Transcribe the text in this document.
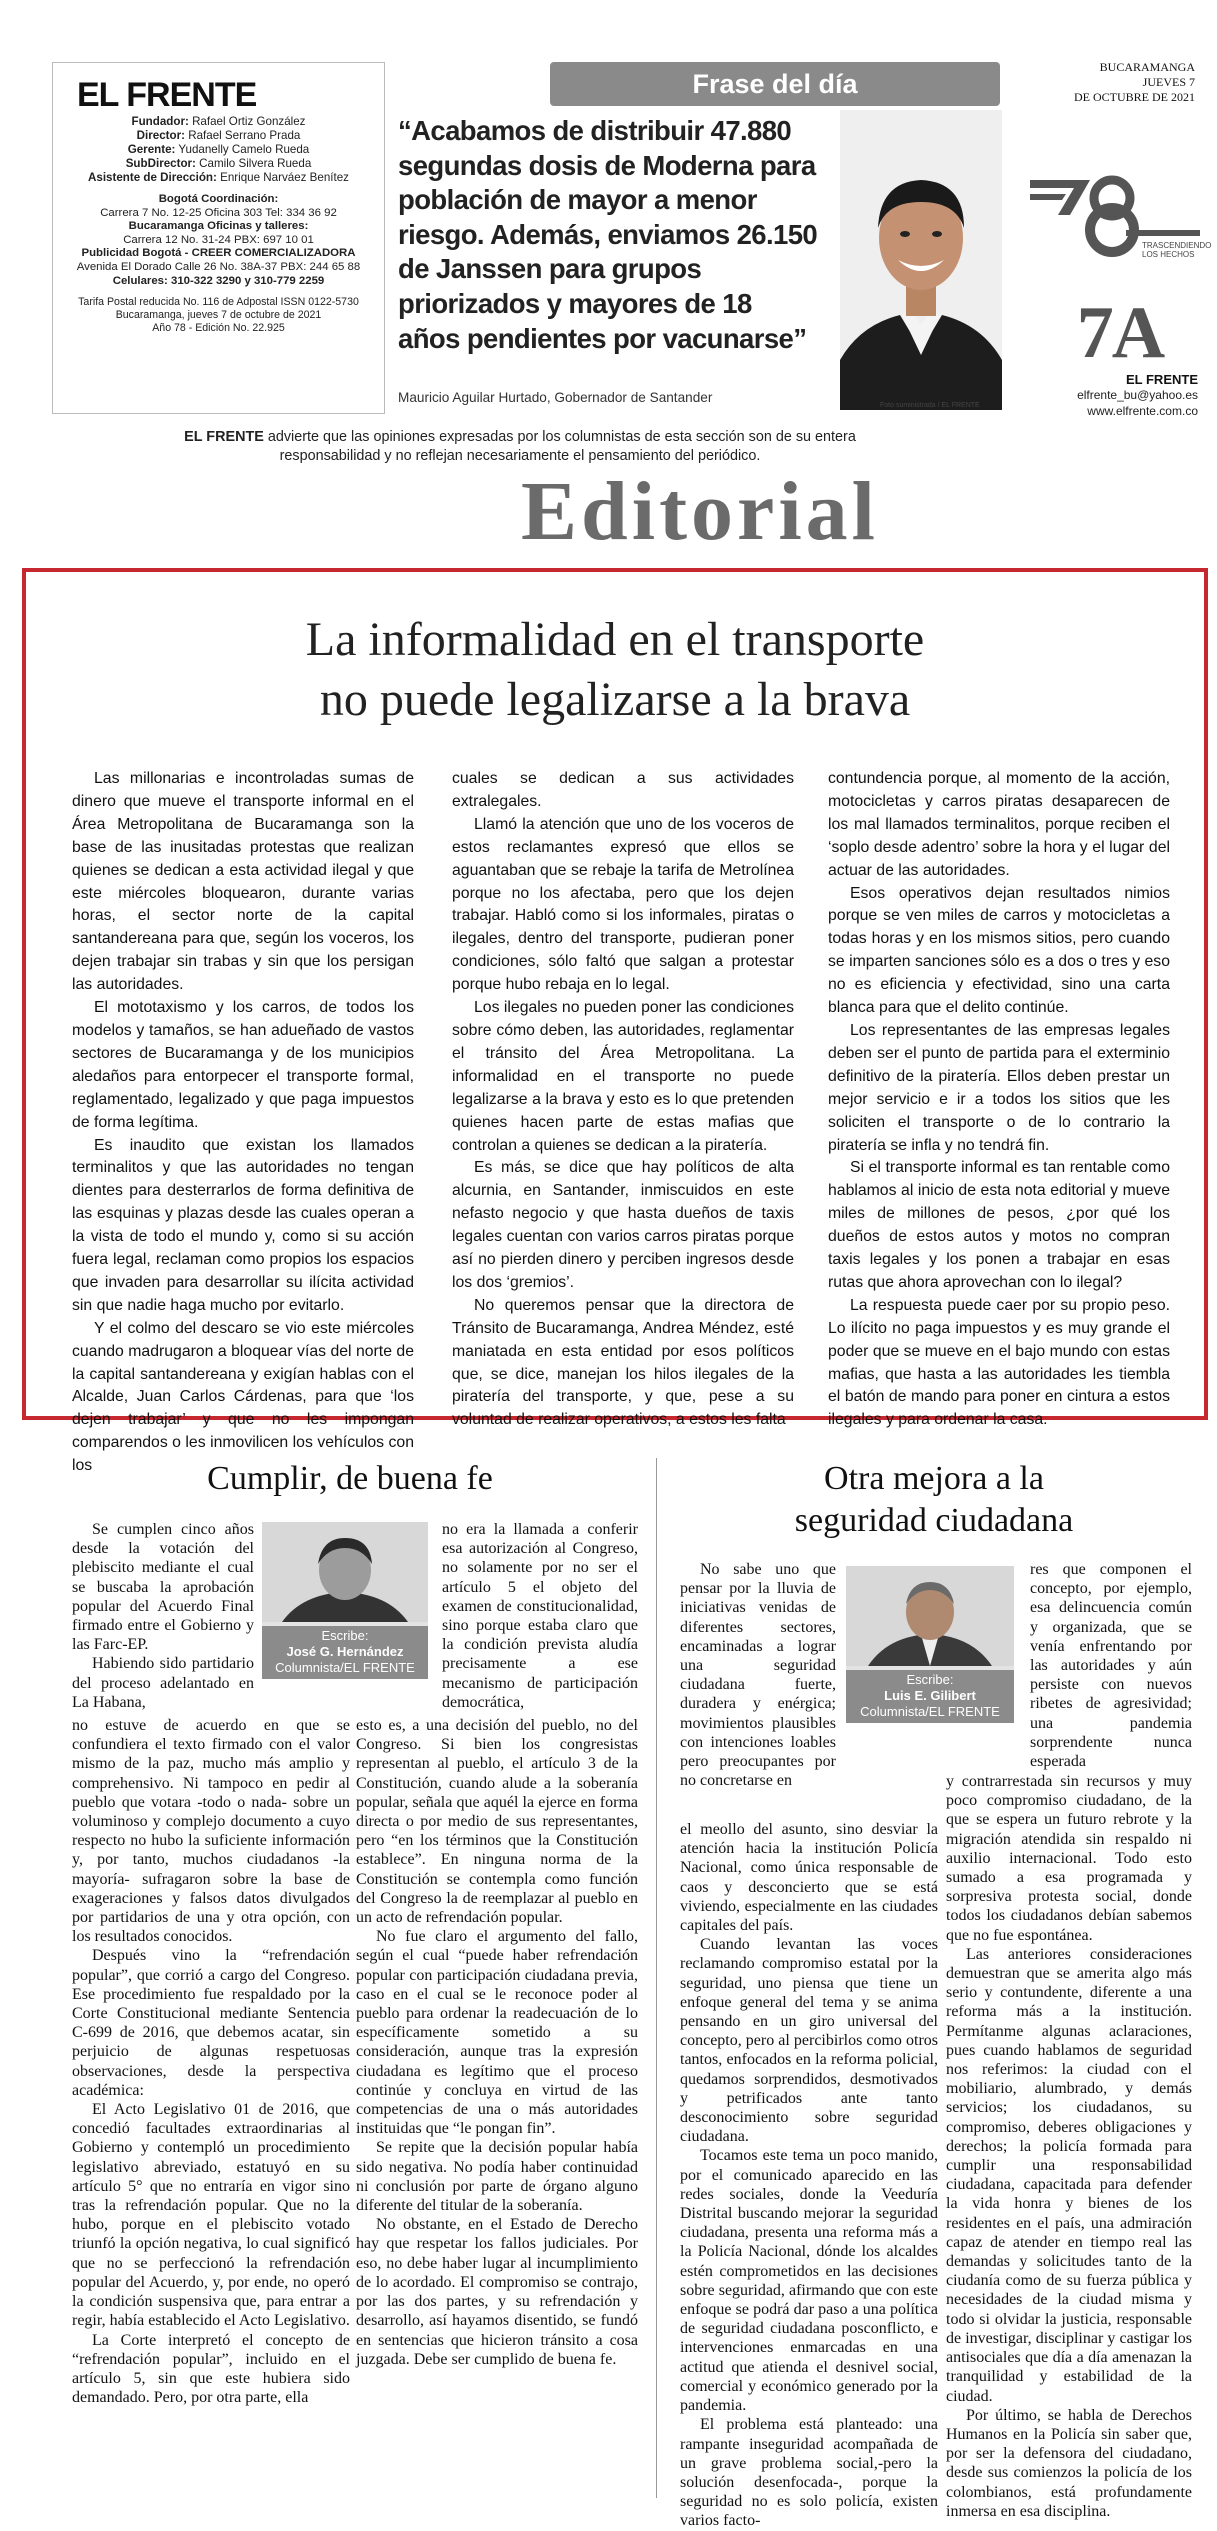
EL FRENTE
Fundador: Rafael Ortiz González
Director: Rafael Serrano Prada
Gerente: Yudanelly Camelo Rueda
SubDirector: Camilo Silvera Rueda
Asistente de Dirección: Enrique Narváez Benítez
Bogotá Coordinación:
Carrera 7 No. 12-25 Oficina 303 Tel: 334 36 92
Bucaramanga Oficinas y talleres:
Carrera 12 No. 31-24 PBX: 697 10 01
Publicidad Bogotá - CREER COMERCIALIZADORA
Avenida El Dorado Calle 26 No. 38A-37 PBX: 244 65 88
Celulares: 310-322 3290 y 310-779 2259
Tarifa Postal reducida No. 116 de Adpostal ISSN 0122-5730
Bucaramanga, jueves 7 de octubre de 2021
Año 78 - Edición No. 22.925
Frase del día
“Acabamos de distribuir 47.880 segundas dosis de Moderna para población de mayor a menor riesgo. Además, enviamos 26.150 de Janssen para grupos priorizados y mayores de 18 años pendientes por vacunarse”
Mauricio Aguilar Hurtado, Gobernador de Santander
Foto suministrada / EL FRENTE
BUCARAMANGA
JUEVES 7
DE OCTUBRE DE 2021
TRASCENDIENDO
LOS HECHOS
7A
EL FRENTE
elfrente_bu@yahoo.es
www.elfrente.com.co
EL FRENTE advierte que las opiniones expresadas por los columnistas de esta sección son de su entera responsabilidad y no reflejan necesariamente el pensamiento del periódico.
Editorial
La informalidad en el transporte
no puede legalizarse a la brava

Las millonarias e incontroladas sumas de dinero que mueve el transporte informal en el Área Metropolitana de Bucaramanga son la base de las inusitadas protestas que realizan quienes se dedican a esta actividad ilegal y que este miércoles bloquearon, durante varias horas, el sector norte de la capital santandereana para que, según los voceros, los dejen trabajar sin trabas y sin que los persigan las autoridades.

El mototaxismo y los carros, de todos los modelos y tamaños, se han adueñado de vastos sectores de Bucaramanga y de los municipios aledaños para entorpecer el transporte formal, reglamentado, legalizado y que paga impuestos de forma legítima.

Es inaudito que existan los llamados terminalitos y que las autoridades no tengan dientes para desterrarlos de forma definitiva de las esquinas y plazas desde las cuales operan a la vista de todo el mundo y, como si su acción fuera legal, reclaman como propios los espacios que invaden para desarrollar su ilícita actividad sin que nadie haga mucho por evitarlo.

Y el colmo del descaro se vio este miércoles cuando madrugaron a bloquear vías del norte de la capital santandereana y exigían hablas con el Alcalde, Juan Carlos Cárdenas, para que ‘los dejen trabajar’ y que no les impongan comparendos o les inmovilicen los vehículos con los

cuales se dedican a sus actividades extralegales.

Llamó la atención que uno de los voceros de estos reclamantes expresó que ellos se aguantaban que se rebaje la tarifa de Metrolínea porque no los afectaba, pero que los dejen trabajar. Habló como si los informales, piratas o ilegales, dentro del transporte, pudieran poner condiciones, sólo faltó que salgan a protestar porque hubo rebaja en lo legal.

Los ilegales no pueden poner las condiciones sobre cómo deben, las autoridades, reglamentar el tránsito del Área Metropolitana. La informalidad en el transporte no puede legalizarse a la brava y esto es lo que pretenden quienes hacen parte de estas mafias que controlan a quienes se dedican a la piratería.

Es más, se dice que hay políticos de alta alcurnia, en Santander, inmiscuidos en este nefasto negocio y que hasta dueños de taxis legales cuentan con varios carros piratas porque así no pierden dinero y perciben ingresos desde los dos ‘gremios’.

No queremos pensar que la directora de Tránsito de Bucaramanga, Andrea Méndez, esté maniatada en esta entidad por esos políticos que, se dice, manejan los hilos ilegales de la piratería del transporte, y que, pese a su voluntad de realizar operativos, a estos les falta

contundencia porque, al momento de la acción, motocicletas y carros piratas desaparecen de los mal llamados terminalitos, porque reciben el ‘soplo desde adentro’ sobre la hora y el lugar del actuar de las autoridades.

Esos operativos dejan resultados nimios porque se ven miles de carros y motocicletas a todas horas y en los mismos sitios, pero cuando se imparten sanciones sólo es a dos o tres y eso no es eficiencia y efectividad, sino una carta blanca para que el delito continúe.

Los representantes de las empresas legales deben ser el punto de partida para el exterminio definitivo de la piratería. Ellos deben prestar un mejor servicio e ir a todos los sitios que les soliciten el transporte o de lo contrario la piratería se infla y no tendrá fin.

Si el transporte informal es tan rentable como hablamos al inicio de esta nota editorial y mueve miles de millones de pesos, ¿por qué los dueños de estos autos y motos no compran taxis legales y los ponen a trabajar en esas rutas que ahora aprovechan con lo ilegal?

La respuesta puede caer por su propio peso. Lo ilícito no paga impuestos y es muy grande el poder que se mueve en el bajo mundo con estas mafias, que hasta a las autoridades les tiembla el batón de mando para poner en cintura a estos ilegales y para ordenar la casa.

Cumplir, de buena fe
Escribe:
José G. Hernández
Columnista/EL FRENTE

Se cumplen cinco años desde la votación del plebiscito mediante el cual se buscaba la aprobación popular del Acuerdo Final firmado entre el Gobierno y las Farc-EP.

Habiendo sido partidario del proceso adelantado en La Habana,

no estuve de acuerdo en que se confundiera el texto firmado con el valor mismo de la paz, mucho más amplio y comprehensivo. Ni tampoco en pedir al pueblo que votara -todo o nada- sobre un voluminoso y complejo documento a cuyo respecto no hubo la suficiente información y, por tanto, muchos ciudadanos -la mayoría- sufragaron sobre la base de exageraciones y falsos datos divulgados por partidarios de una y otra opción, con los resultados conocidos.

Después vino la “refrendación popular”, que corrió a cargo del Congreso. Ese procedimiento fue respaldado por la Corte Constitucional mediante Sentencia C-699 de 2016, que debemos acatar, sin perjuicio de algunas respetuosas observaciones, desde la perspectiva académica:

El Acto Legislativo 01 de 2016, que concedió facultades extraordinarias al Gobierno y contempló un procedimiento legislativo abreviado, estatuyó en su artículo 5° que no entraría en vigor sino tras la refrendación popular. Que no la hubo, porque en el plebiscito votado triunfó la opción negativa, lo cual significó que no se perfeccionó la refrendación popular del Acuerdo, y, por ende, no operó la condición suspensiva que, para entrar a regir, había establecido el Acto Legislativo.

La Corte interpretó el concepto de “refrendación popular”, incluido en el artículo 5, sin que este hubiera sido demandado. Pero, por otra parte, ella

no era la llamada a conferir esa autorización al Congreso, no solamente por no ser el artículo 5 el objeto del examen de constitucionalidad, sino porque estaba claro que la condición prevista aludía precisamente a ese mecanismo de participación democrática,

esto es, a una decisión del pueblo, no del Congreso. Si bien los congresistas representan al pueblo, el artículo 3 de la Constitución, cuando alude a la soberanía popular, señala que aquél la ejerce en forma directa o por medio de sus representantes, pero “en los términos que la Constitución establece”. En ninguna norma de la Constitución se contempla como función del Congreso la de reemplazar al pueblo en un acto de refrendación popular.

No fue claro el argumento del fallo, según el cual “puede haber refrendación popular con participación ciudadana previa, caso en el cual se le reconoce poder al pueblo para ordenar la readecuación de lo específicamente sometido a su consideración, aunque tras la expresión ciudadana es legítimo que el proceso continúe y concluya en virtud de las competencias de una o más autoridades instituidas que “le pongan fin”.

Se repite que la decisión popular había sido negativa. No podía haber continuidad ni conclusión por parte de órgano alguno diferente del titular de la soberanía.

No obstante, en el Estado de Derecho hay que respetar los fallos judiciales. Por eso, no debe haber lugar al incumplimiento de lo acordado. El compromiso se contrajo, por las dos partes, y su refrendación y desarrollo, así hayamos disentido, se fundó en sentencias que hicieron tránsito a cosa juzgada. Debe ser cumplido de buena fe.

Otra mejora a la
seguridad ciudadana
Escribe:
Luis E. Gilibert
Columnista/EL FRENTE

No sabe uno que pensar por la lluvia de iniciativas venidas de diferentes sectores, encaminadas a lograr una seguridad ciudadana fuerte, duradera y enérgica; movimientos plausibles con intenciones loables pero preocupantes por no concretarse en

el meollo del asunto, sino desviar la atención hacia la institución Policía Nacional, como única responsable de caos y desconcierto que se está viviendo, especialmente en las ciudades capitales del país.

Cuando levantan las voces reclamando compromiso estatal por la seguridad, uno piensa que tiene un enfoque general del tema y se anima pensando en un giro universal del concepto, pero al percibirlos como otros tantos, enfocados en la reforma policial, quedamos sorprendidos, desmotivados y petrificados ante tanto desconocimiento sobre seguridad ciudadana.

Tocamos este tema un poco manido, por el comunicado aparecido en las redes sociales, donde la Veeduría Distrital buscando mejorar la seguridad ciudadana, presenta una reforma más a la Policía Nacional, dónde los alcaldes estén comprometidos en las decisiones sobre seguridad, afirmando que con este enfoque se podrá dar paso a una política de seguridad ciudadana posconflicto, e intervenciones enmarcadas en una actitud que atienda el desnivel social, comercial y económico generado por la pandemia.

El problema está planteado: una rampante inseguridad acompañada de un grave problema social,-pero la solución desenfocada-, porque la seguridad no es solo policía, existen varios facto-

res que componen el concepto, por ejemplo, esa delincuencia común y organizada, que se venía enfrentando por las autoridades y aún persiste con nuevos ribetes de agresividad; una pandemia sorprendente nunca esperada

y contrarrestada sin recursos y muy poco compromiso ciudadano, de la que se espera un futuro rebrote y la migración atendida sin respaldo ni auxilio internacional. Todo esto sumado a esa programada y sorpresiva protesta social, donde todos los ciudadanos debían sabemos que no fue espontánea.

Las anteriores consideraciones demuestran que se amerita algo más serio y contundente, diferente a una reforma más a la institución. Permítanme algunas aclaraciones, pues cuando hablamos de seguridad nos referimos: la ciudad con el mobiliario, alumbrado, y demás servicios; los ciudadanos, su compromiso, deberes obligaciones y derechos; la policía formada para cumplir una responsabilidad ciudadana, capacitada para defender la vida honra y bienes de los residentes en el país, una admiración capaz de atender en tiempo real las demandas y solicitudes tanto de la ciudanía como de su fuerza pública y necesidades de la ciudad misma y todo si olvidar la justicia, responsable de investigar, disciplinar y castigar los antisociales que día a día amenazan la tranquilidad y estabilidad de la ciudad.

Por último, se habla de Derechos Humanos en la Policía sin saber que, por ser la defensora del ciudadano, desde sus comienzos la policía de los colombianos, está profundamente inmersa en esa disciplina.
